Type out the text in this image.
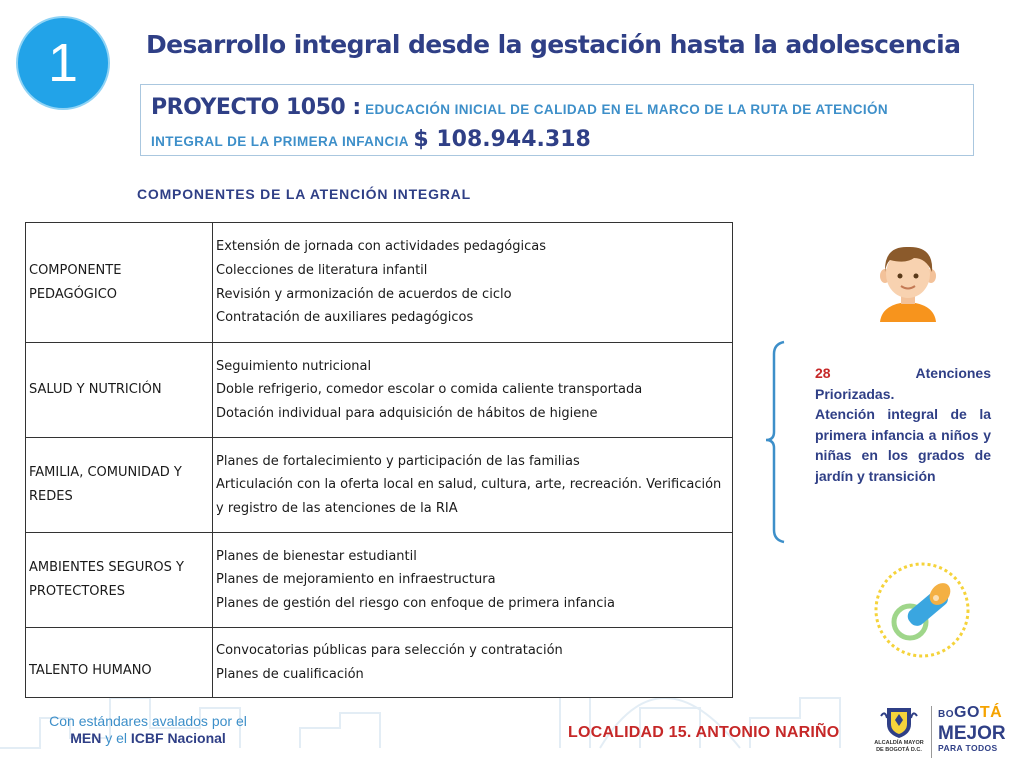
1	Desarrollo integral desde la gestación hasta la adolescencia
PROYECTO 1050 : EDUCACIÓN INICIAL DE CALIDAD EN EL MARCO DE LA RUTA DE ATENCIÓN INTEGRAL DE LA PRIMERA INFANCIA $ 108.944.318
COMPONENTES DE LA ATENCIÓN INTEGRAL
COMPONENTE PEDAGÓGICO	Extensión de jornada con actividades pedagógicas
Colecciones de literatura infantil
Revisión y armonización de acuerdos de ciclo
Contratación de auxiliares pedagógicos

SALUD Y NUTRICIÓN	Seguimiento nutricional
Doble refrigerio, comedor escolar o comida caliente transportada
Dotación individual para adquisición de hábitos de higiene

FAMILIA, COMUNIDAD Y REDES	Planes de fortalecimiento y participación de las familias
Articulación con la oferta local en salud, cultura, arte, recreación. Verificación y registro de las atenciones de la RIA

AMBIENTES SEGUROS Y PROTECTORES	Planes de bienestar estudiantil
Planes de mejoramiento en infraestructura
Planes de gestión del riesgo con enfoque de primera infancia

TALENTO HUMANO	Convocatorias públicas para selección y contratación
Planes de cualificación
28	Atenciones
Priorizadas.
Atención integral de la primera infancia a niños y niñas en los grados de jardín y transición
Con estándares avalados por el
MEN y el ICBF Nacional	LOCALIDAD 15. ANTONIO NARIÑO
ALCALDÍA MAYOR
DE BOGOTÁ D.C.
BOGOTÁ
MEJOR
PARA TODOS
